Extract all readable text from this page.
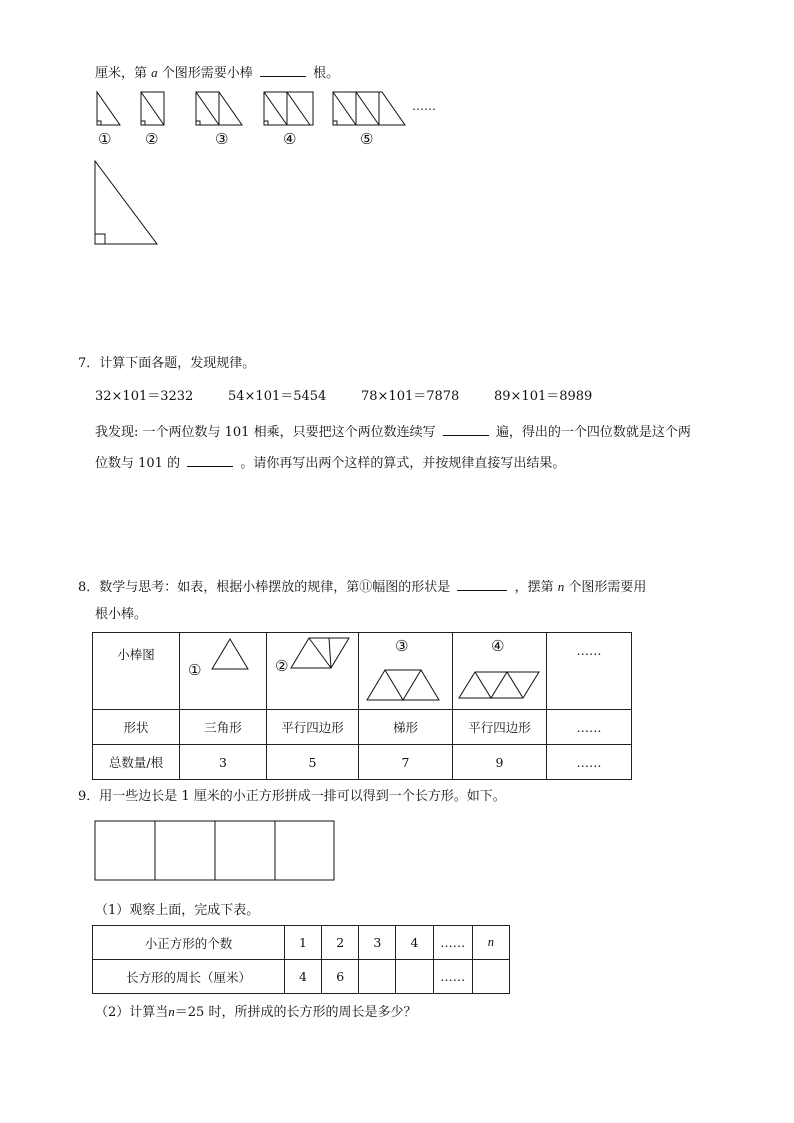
厘米，第 a 个图形需要小棒	根。
……
① ②	③	④	⑤
7．计算下面各题，发现规律。
32×101＝3232	54×101＝5454	78×101＝7878	89×101＝8989
我发现: 一个两位数与 101 相乘，只要把这个两位数连续写	遍，得出的一个四位数就是这个两
位数与 101 的	。请你再写出两个这样的算式，并按规律直接写出结果。
8．数学与思考：如表，根据小棒摆放的规律，第⑪幅图的形状是	，摆第 n 个图形需要用
根小棒。
小棒图	①	②	③	④	……
形状	三角形	平行四边形	梯形	平行四边形	……
总数量/根	3	5	7	9	……
9．用一些边长是 1 厘米的小正方形拼成一排可以得到一个长方形。如下。
（1）观察上面，完成下表。
小正方形的个数	1	2	3	4	……	n
长方形的周长（厘米）	4	6			……	
（2）计算当n＝25 时，所拼成的长方形的周长是多少？
